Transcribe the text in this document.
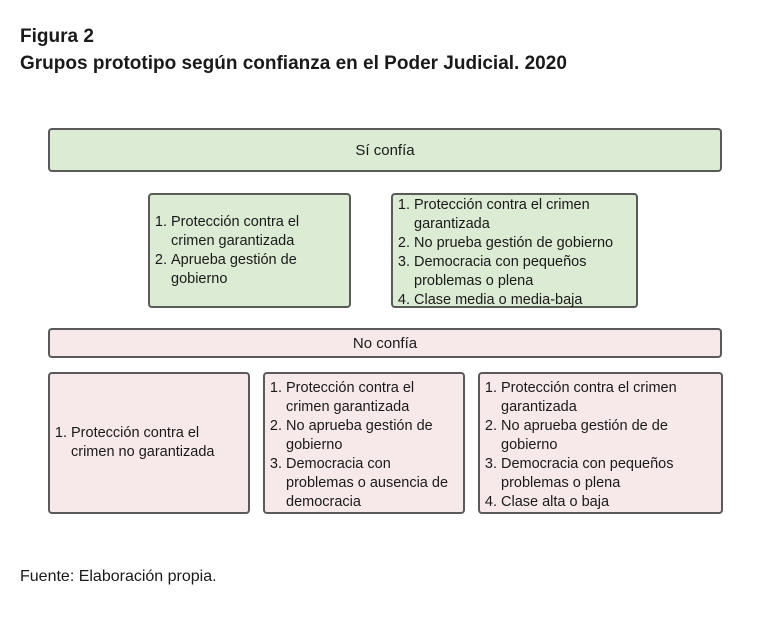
Figura 2
Grupos prototipo según confianza en el Poder Judicial. 2020
Sí confía
1. Protección contra el crimen garantizada
2. Aprueba gestión de gobierno
1. Protección contra el crimen garantizada
2. No prueba gestión de gobierno
3. Democracia con pequeños problemas o plena
4. Clase media o media-baja
No confía
1. Protección contra el crimen no garantizada
1. Protección contra el crimen garantizada
2. No aprueba gestión de gobierno
3. Democracia con problemas o ausencia de democracia
1. Protección contra el crimen garantizada
2. No aprueba gestión de de gobierno
3. Democracia con pequeños problemas o plena
4. Clase alta o baja
Fuente: Elaboración propia.
